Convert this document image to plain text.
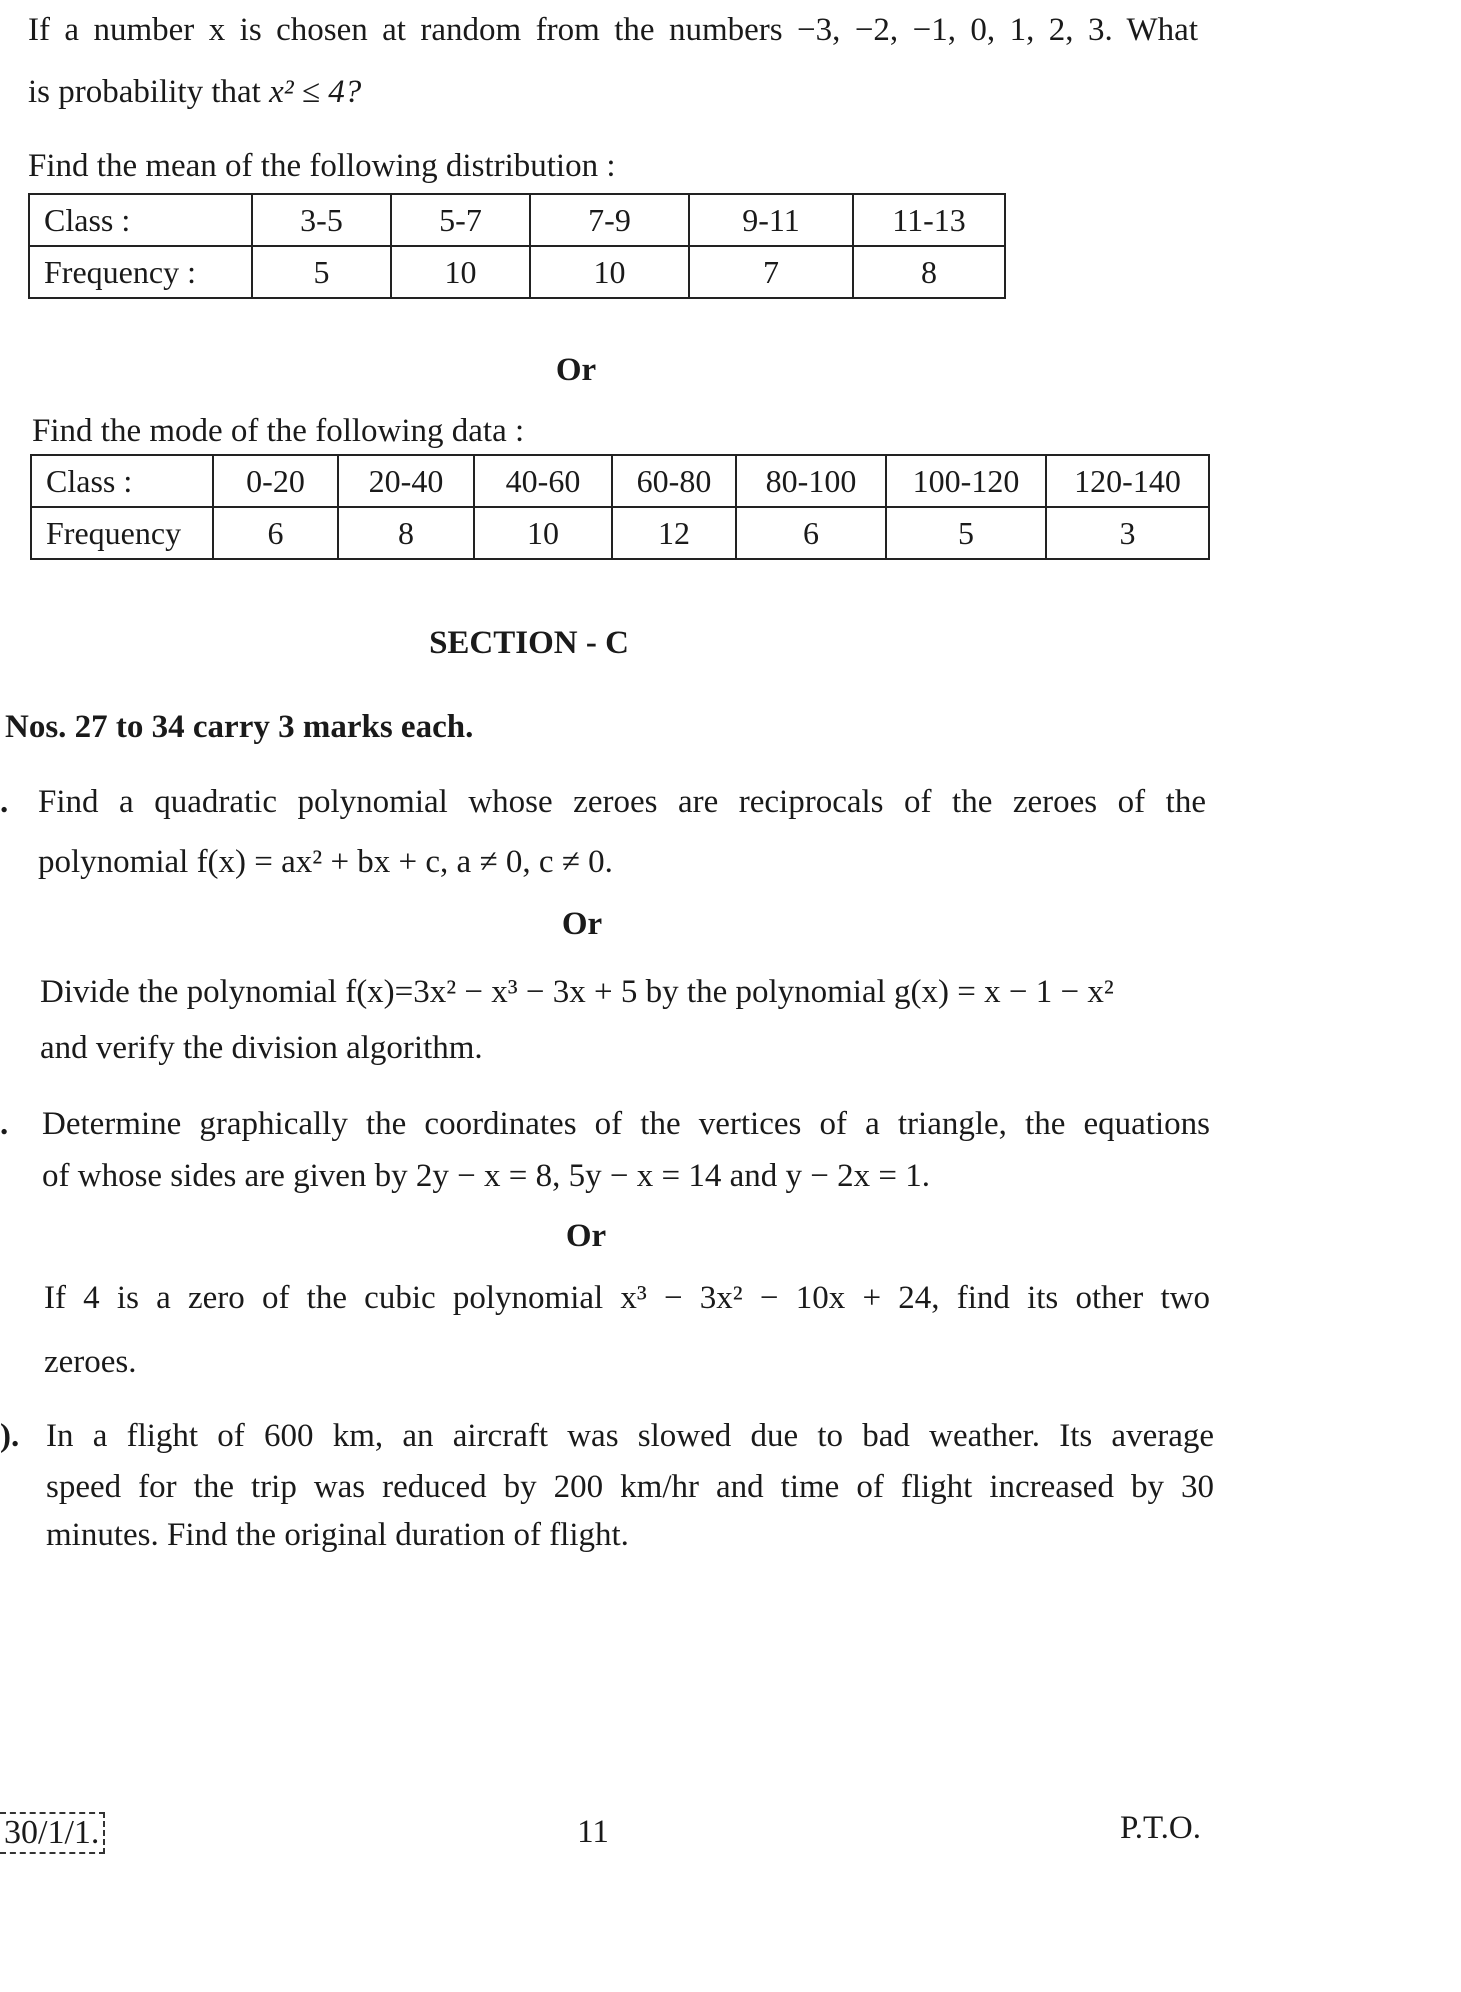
If a number x is chosen at random from the numbers −3, −2, −1, 0, 1, 2, 3. What
is probability that x² ≤ 4?
Find the mean of the following distribution :
Class :	3-5	5-7	7-9	9-11	11-13
Frequency :	5	10	10	7	8
Or
Find the mode of the following data :
Class :	0-20	20-40	40-60	60-80	80-100	100-120	120-140
Frequency	6	8	10	12	6	5	3
SECTION - C
Nos. 27 to 34 carry 3 marks each.
. Find a quadratic polynomial whose zeroes are reciprocals of the zeroes of the
polynomial f(x) = ax² + bx + c, a ≠ 0, c ≠ 0.
Or
Divide the polynomial f(x)=3x² − x³ − 3x + 5 by the polynomial g(x) = x − 1 − x²
and verify the division algorithm.
. Determine graphically the coordinates of the vertices of a triangle, the equations
of whose sides are given by 2y − x = 8, 5y − x = 14 and y − 2x = 1.
Or
If 4 is a zero of the cubic polynomial x³ − 3x² − 10x + 24, find its other two
zeroes.
). In a flight of 600 km, an aircraft was slowed due to bad weather. Its average
speed for the trip was reduced by 200 km/hr and time of flight increased by 30
minutes. Find the original duration of flight.
30/1/1.	11	P.T.O.
